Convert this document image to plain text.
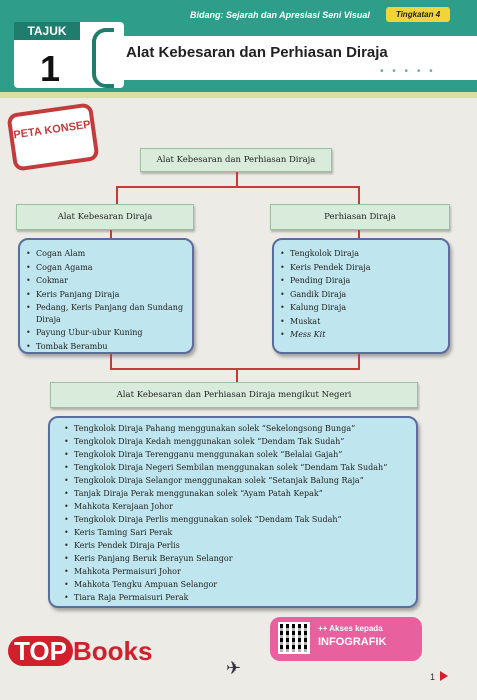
Bidang: Sejarah dan Apresiasi Seni Visual	Tingkatan 4
TAJUK
1	Alat Kebesaran dan Perhiasan Diraja
• • • • •
PETA KONSEP
Alat Kebesaran dan Perhiasan Diraja
Alat Kebesaran Diraja	Perhiasan Diraja
• Cogan Alam
• Cogan Agama
• Cokmar
• Keris Panjang Diraja
• Pedang, Keris Panjang dan Sundang Diraja
• Payung Ubur-ubur Kuning
• Tombak Berambu
• Tengkolok Diraja
• Keris Pendek Diraja
• Pending Diraja
• Gandik Diraja
• Kalung Diraja
• Muskat
• Mess Kit
Alat Kebesaran dan Perhiasan Diraja mengikut Negeri
• Tengkolok Diraja Pahang menggunakan solek “Sekelongsong Bunga”
• Tengkolok Diraja Kedah menggunakan solek “Dendam Tak Sudah”
• Tengkolok Diraja Terengganu menggunakan solek “Belalai Gajah”
• Tengkolok Diraja Negeri Sembilan menggunakan solek “Dendam Tak Sudah”
• Tengkolok Diraja Selangor menggunakan solek “Setanjak Balung Raja”
• Tanjak Diraja Perak menggunakan solek “Ayam Patah Kepak”
• Mahkota Kerajaan Johor
• Tengkolok Diraja Perlis menggunakan solek “Dendam Tak Sudah”
• Keris Taming Sari Perak
• Keris Pendek Diraja Perlis
• Keris Panjang Beruk Berayun Selangor
• Mahkota Permaisuri Johor
• Mahkota Tengku Ampuan Selangor
• Tiara Raja Permaisuri Perak
++ Akses kepada
INFOGRAFIK
TOP Books
✈	1
